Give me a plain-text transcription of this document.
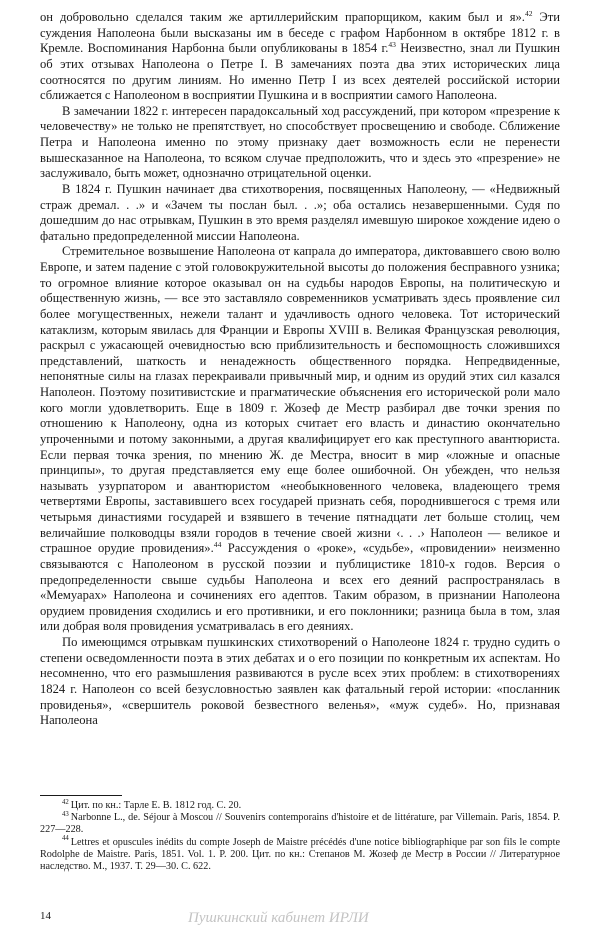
он добровольно сделался таким же артиллерийским прапорщиком, каким был и я».$^{42}$ Эти суждения Наполеона были высказаны им в беседе с графом Нарбонном в октябре 1812 г. в Кремле. Воспоминания Нарбонна были опубликованы в 1854 г.$^{43}$ Неизвестно, знал ли Пушкин об этих отзывах Наполеона о Петре I. В замечаниях поэта два этих исторических лица соотносятся по другим линиям. Но именно Петр I из всех деятелей российской истории сближается с Наполеоном в восприятии Пушкина и в восприятии самого Наполеона.

В замечании 1822 г. интересен парадоксальный ход рассуждений, при котором «презрение к человечеству» не только не препятствует, но способствует просвещению и свободе. Сближение Петра и Наполеона именно по этому признаку дает возможность если не перенести вышесказанное на Наполеона, то всяком случае предположить, что и здесь это «презрение» не заслуживало, быть может, однозначно отрицательной оценки.

В 1824 г. Пушкин начинает два стихотворения, посвященных Наполеону, — «Недвижный страж дремал. . .» и «Зачем ты послан был. . .»; оба остались незавершенными. Судя по дошедшим до нас отрывкам, Пушкин в это время разделял имевшую широкое хождение идею о фатально предопределенной миссии Наполеона.

Стремительное возвышение Наполеона от капрала до императора, диктовавшего свою волю Европе, и затем падение с этой головокружительной высоты до положения бесправного узника; то огромное влияние которое оказывал он на судьбы народов Европы, на политическую и общественную жизнь, — все это заставляло современников усматривать здесь проявление сил более могущественных, нежели талант и удачливость одного человека. Тот исторический катаклизм, которым явилась для Франции и Европы XVIII в. Великая Французская революция, раскрыл с ужасающей очевидностью всю приблизительность и беспомощность сложившихся представлений, шаткость и ненадежность общественного порядка. Непредвиденные, непонятные силы на глазах перекраивали привычный мир, и одним из орудий этих сил казался Наполеон. Поэтому позитивистские и прагматические объяснения его исторической роли мало кого могли удовлетворить. Еще в 1809 г. Жозеф де Местр разбирал две точки зрения по отношению к Наполеону, одна из которых считает его власть и династию окончательно упроченными и потому законными, а другая квалифицирует его как преступного авантюриста. Если первая точка зрения, по мнению Ж. де Местра, вносит в мир «ложные и опасные принципы», то другая представляется ему еще более ошибочной. Он убежден, что нельзя называть узурпатором и авантюристом «необыкновенного человека, владеющего тремя четвертями Европы, заставившего всех государей признать себя, породнившегося с тремя или четырьмя династиями государей и взявшего в течение пятнадцати лет больше столиц, чем величайшие полководцы взяли городов в течение своей жизни ‹. . .› Наполеон — великое и страшное орудие провидения».$^{44}$ Рассуждения о «роке», «судьбе», «провидении» неизменно связываются с Наполеоном в русской поэзии и публицистике 1810-х годов. Версия о предопределенности свыше судьбы Наполеона и всех его деяний распространялась в «Мемуарах» Наполеона и сочинениях его адептов. Таким образом, в признании Наполеона орудием провидения сходились и его противники, и его поклонники; разница была в том, злая или добрая воля провидения усматривалась в его деяниях.

По имеющимся отрывкам пушкинских стихотворений о Наполеоне 1824 г. трудно судить о степени осведомленности поэта в этих дебатах и о его позиции по конкретным их аспектам. Но несомненно, что его размышления развиваются в русле всех этих проблем: в стихотворениях 1824 г. Наполеон со всей безусловностью заявлен как фатальный герой истории: «посланник провиденья», «свершитель роковой безвестного веленья», «муж судеб». Но, признавая Наполеона

$^{42}$ Цит. по кн.: Тарле Е. В. 1812 год. С. 20.

$^{43}$ Narbonne L., de. Séjour à Moscou // Souvenirs contemporains d'histoire et de littérature, par Villemain. Paris, 1854. P. 227—228.

$^{44}$ Lettres et opuscules inédits du compte Joseph de Maistre précédés d'une notice bibliographique par son fils le compte Rodolphe de Maistre. Paris, 1851. Vol. 1. P. 200. Цит. по кн.: Степанов М. Жозеф де Местр в России // Литературное наследство. М., 1937. Т. 29—30. С. 622.

14	Пушкинский кабинет ИРЛИ
